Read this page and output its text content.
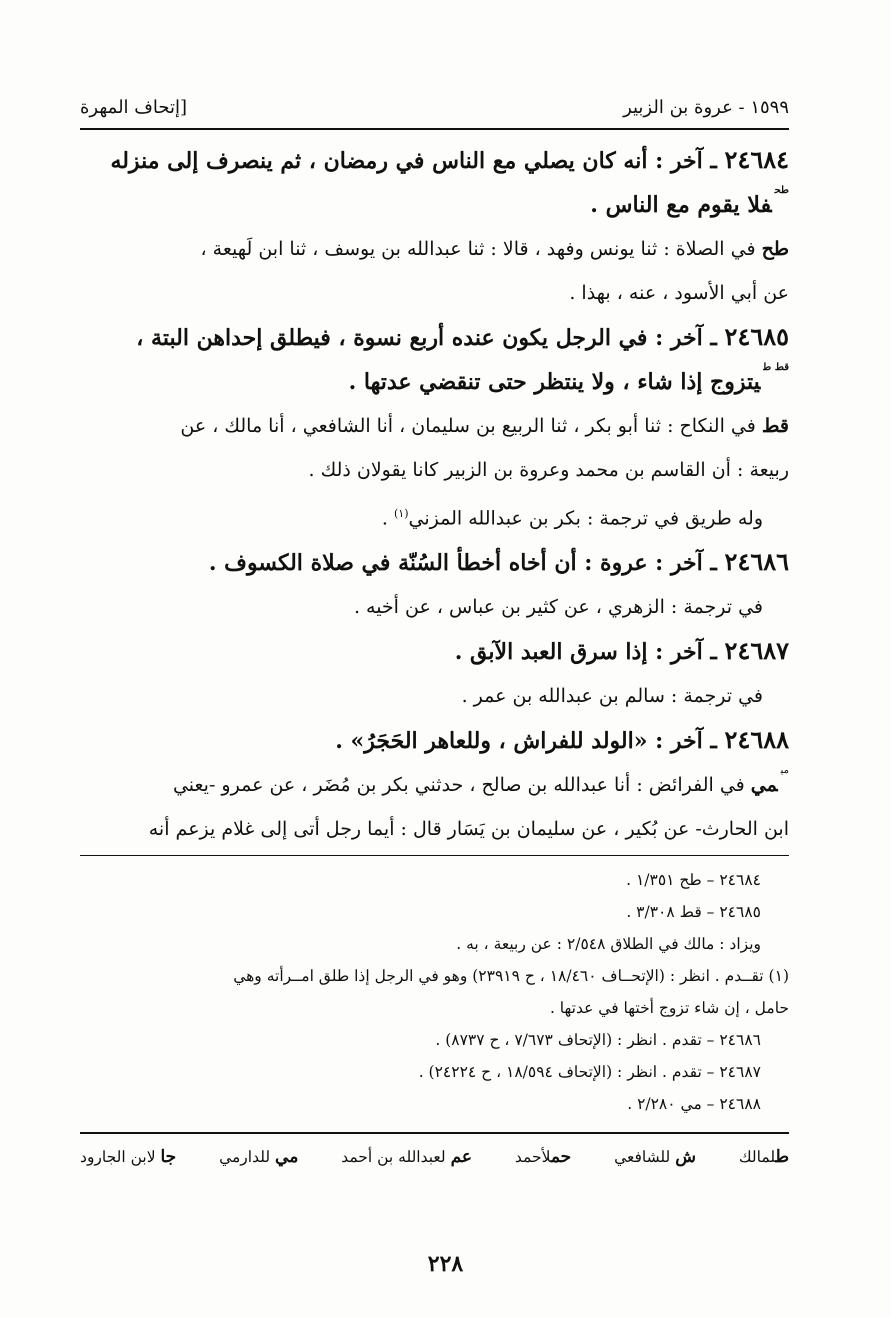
١٥٩٩ - عروة بن الزبير
[إتحاف المهرة
٢٤٦٨٤ ـ آخر : أنه كان يصلي مع الناس في رمضان ، ثم ينصرف إلى منزله
$^{طح}$فلا يقوم مع الناس .
طح في الصلاة : ثنا يونس وفهد ، قالا : ثنا عبدالله بن يوسف ، ثنا ابن لَهيعة ،
عن أبي الأسود ، عنه ، بهذا .
٢٤٦٨٥ ـ آخر : في الرجل يكون عنده أربع نسوة ، فيطلق إحداهن البتة ،
$^{قط ط}$يتزوج إذا شاء ، ولا ينتظر حتى تنقضي عدتها .
قط في النكاح : ثنا أبو بكر ، ثنا الربيع بن سليمان ، أنا الشافعي ، أنا مالك ، عن
ربيعة : أن القاسم بن محمد وعروة بن الزبير كانا يقولان ذلك .
وله طريق في ترجمة : بكر بن عبدالله المزني$^{(١)}$ .
٢٤٦٨٦ ـ آخر : عروة : أن أخاه أخطأ السُنّة في صلاة الكسوف .
في ترجمة : الزهري ، عن كثير بن عباس ، عن أخيه .
٢٤٦٨٧ ـ آخر : إذا سرق العبد الآبق .
في ترجمة : سالم بن عبدالله بن عمر .
٢٤٦٨٨ ـ آخر : «الولد للفراش ، وللعاهر الحَجَرُ» .
$^{مي}$مي في الفرائض : أنا عبدالله بن صالح ، حدثني بكر بن مُضَر ، عن عمرو -يعني
ابن الحارث- عن بُكير ، عن سليمان بن يَسَار قال : أيما رجل أتى إلى غلام يزعم أنه
٢٤٦٨٤ – طح ١/٣٥١ .
٢٤٦٨٥ – قط ٣/٣٠٨ .
ويزاد : مالك في الطلاق ٢/٥٤٨ : عن ربيعة ، به .
(١) تقــدم . انظر : (الإتحــاف ١٨/٤٦٠ ، ح ٢٣٩١٩) وهو في الرجل إذا طلق امــرأته وهي
حامل ، إن شاء تزوج أختها في عدتها .
٢٤٦٨٦ – تقدم . انظر : (الإتحاف ٧/٦٧٣ ، ح ٨٧٣٧) .
٢٤٦٨٧ – تقدم . انظر : (الإتحاف ١٨/٥٩٤ ، ح ٢٤٢٢٤) .
٢٤٦٨٨ – مي ٢/٢٨٠ .
طلمالك
ش للشافعي
حملأحمد
عم لعبدالله بن أحمد
مي للدارمي
جا لابن الجارود
٢٢٨
